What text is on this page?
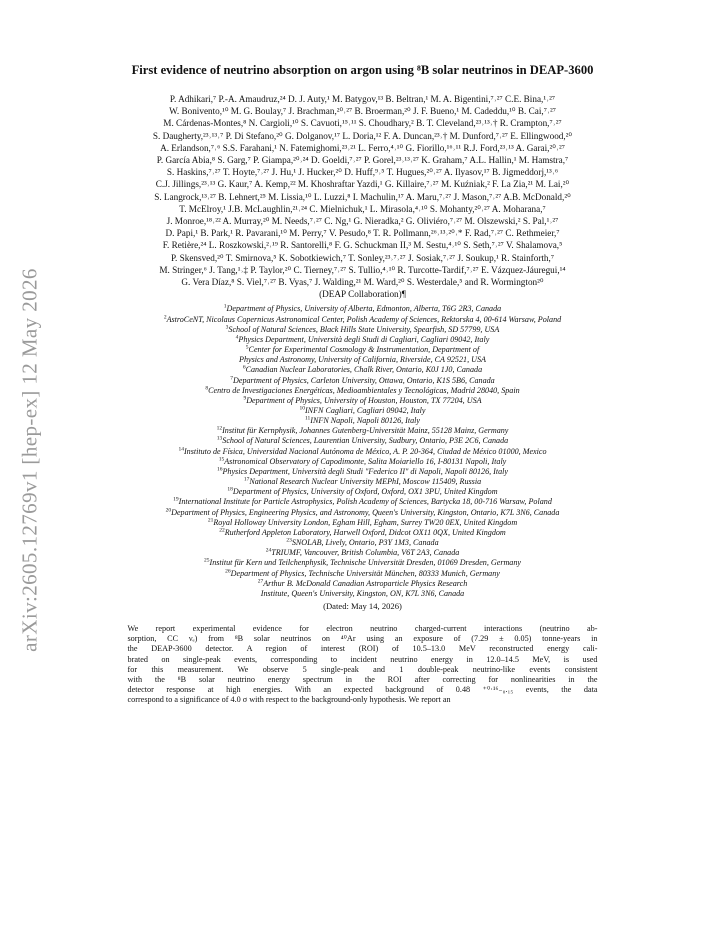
arXiv:2605.12769v1 [hep-ex] 12 May 2026
First evidence of neutrino absorption on argon using ⁸B solar neutrinos in DEAP-3600
P. Adhikari,⁷ P.-A. Amaudruz,²⁴ D. J. Auty,¹ M. Batygov,¹³ B. Beltran,¹ M. A. Bigentini,⁷˒²⁷ C.E. Bina,¹˒²⁷
W. Bonivento,¹⁰ M. G. Boulay,⁷ J. Brachman,²⁰˒²⁷ B. Broerman,²⁰ J. F. Bueno,¹ M. Cadeddu,¹⁰ B. Cai,⁷˒²⁷
M. Cárdenas-Montes,⁸ N. Cargioli,¹⁰ S. Cavuoti,¹⁵˒¹¹ S. Choudhary,² B. T. Cleveland,²³˒¹³˒† R. Crampton,⁷˒²⁷
S. Daugherty,²³˒¹³˒⁷ P. Di Stefano,²⁰ G. Dolganov,¹⁷ L. Doria,¹² F. A. Duncan,²³˒† M. Dunford,⁷˒²⁷ E. Ellingwood,²⁰
A. Erlandson,⁷˒⁶ S.S. Farahani,¹ N. Fatemighomi,²³˒²¹ L. Ferro,⁴˒¹⁰ G. Fiorillo,¹⁶˒¹¹ R.J. Ford,²³˒¹³ A. Garai,²⁰˒²⁷
P. García Abia,⁸ S. Garg,⁷ P. Giampa,²⁰˒²⁴ D. Goeldi,⁷˒²⁷ P. Gorel,²³˒¹³˒²⁷ K. Graham,⁷ A.L. Hallin,¹ M. Hamstra,⁷
S. Haskins,⁷˒²⁷ T. Hoyte,⁷˒²⁷ J. Hu,¹ J. Hucker,²⁰ D. Huff,⁹˒⁵ T. Hugues,²⁰˒²⁷ A. Ilyasov,¹⁷ B. Jigmeddorj,¹³˒⁶
C.J. Jillings,²³˒¹³ G. Kaur,⁷ A. Kemp,²² M. Khoshraftar Yazdi,¹ G. Killaire,⁷˒²⁷ M. Kuźniak,² F. La Zia,²¹ M. Lai,²⁰
S. Langrock,¹³˒²⁷ B. Lehnert,²⁵ M. Lissia,¹⁰ L. Luzzi,⁸ I. Machulin,¹⁷ A. Maru,⁷˒²⁷ J. Mason,⁷˒²⁷ A.B. McDonald,²⁰
T. McElroy,¹ J.B. McLaughlin,²¹˒²⁴ C. Mielnichuk,¹ L. Mirasola,⁴˒¹⁰ S. Mohanty,²⁰˒²⁷ A. Moharana,⁷
J. Monroe,¹⁸˒²² A. Murray,²⁰ M. Needs,⁷˒²⁷ C. Ng,¹ G. Nieradka,² G. Oliviéro,⁷˒²⁷ M. Olszewski,² S. Pal,¹˒²⁷
D. Papi,¹ B. Park,¹ R. Pavarani,¹⁰ M. Perry,⁷ V. Pesudo,⁸ T. R. Pollmann,²⁶˒¹³˒²⁰˒* F. Rad,⁷˒²⁷ C. Rethmeier,⁷
F. Retière,²⁴ L. Roszkowski,²˒¹⁹ R. Santorelli,⁸ F. G. Schuckman II,³ M. Sestu,⁴˒¹⁰ S. Seth,⁷˒²⁷ V. Shalamova,⁵
P. Skensved,²⁰ T. Smirnova,⁵ K. Sobotkiewich,⁷ T. Sonley,²³˒⁷˒²⁷ J. Sosiak,⁷˒²⁷ J. Soukup,¹ R. Stainforth,⁷
M. Stringer,⁶ J. Tang,¹˒‡ P. Taylor,²⁰ C. Tierney,⁷˒²⁷ S. Tullio,⁴˒¹⁰ R. Turcotte-Tardif,⁷˒²⁷ E. Vázquez-Jáuregui,¹⁴
G. Vera Díaz,⁸ S. Viel,⁷˒²⁷ B. Vyas,⁷ J. Walding,²¹ M. Ward,²⁰ S. Westerdale,⁵ and R. Wormington²⁰
(DEAP Collaboration)¶
$^1$Department of Physics, University of Alberta, Edmonton, Alberta, T6G 2R3, Canada
$^2$AstroCeNT, Nicolaus Copernicus Astronomical Center, Polish Academy of Sciences, Rektorska 4, 00-614 Warsaw, Poland
$^3$School of Natural Sciences, Black Hills State University, Spearfish, SD 57799, USA
$^4$Physics Department, Università degli Studi di Cagliari, Cagliari 09042, Italy
$^5$Center for Experimental Cosmology & Instrumentation, Department of
Physics and Astronomy, University of California, Riverside, CA 92521, USA
$^6$Canadian Nuclear Laboratories, Chalk River, Ontario, K0J 1J0, Canada
$^7$Department of Physics, Carleton University, Ottawa, Ontario, K1S 5B6, Canada
$^8$Centro de Investigaciones Energéticas, Medioambientales y Tecnológicas, Madrid 28040, Spain
$^9$Department of Physics, University of Houston, Houston, TX 77204, USA
$^{10}$INFN Cagliari, Cagliari 09042, Italy
$^{11}$INFN Napoli, Napoli 80126, Italy
$^{12}$Institut für Kernphysik, Johannes Gutenberg-Universität Mainz, 55128 Mainz, Germany
$^{13}$School of Natural Sciences, Laurentian University, Sudbury, Ontario, P3E 2C6, Canada
$^{14}$Instituto de Física, Universidad Nacional Autónoma de México, A. P. 20-364, Ciudad de México 01000, Mexico
$^{15}$Astronomical Observatory of Capodimonte, Salita Moiariello 16, I-80131 Napoli, Italy
$^{16}$Physics Department, Università degli Studi "Federico II" di Napoli, Napoli 80126, Italy
$^{17}$National Research Nuclear University MEPhI, Moscow 115409, Russia
$^{18}$Department of Physics, University of Oxford, Oxford, OX1 3PU, United Kingdom
$^{19}$International Institute for Particle Astrophysics, Polish Academy of Sciences, Bartycka 18, 00-716 Warsaw, Poland
$^{20}$Department of Physics, Engineering Physics, and Astronomy, Queen's University, Kingston, Ontario, K7L 3N6, Canada
$^{21}$Royal Holloway University London, Egham Hill, Egham, Surrey TW20 0EX, United Kingdom
$^{22}$Rutherford Appleton Laboratory, Harwell Oxford, Didcot OX11 0QX, United Kingdom
$^{23}$SNOLAB, Lively, Ontario, P3Y 1M3, Canada
$^{24}$TRIUMF, Vancouver, British Columbia, V6T 2A3, Canada
$^{25}$Institut für Kern und Teilchenphysik, Technische Universität Dresden, 01069 Dresden, Germany
$^{26}$Department of Physics, Technische Universität München, 80333 Munich, Germany
$^{27}$Arthur B. McDonald Canadian Astroparticle Physics Research
Institute, Queen's University, Kingston, ON, K7L 3N6, Canada
(Dated: May 14, 2026)
We report experimental evidence for electron neutrino charged-current interactions (neutrino ab-
sorption, CC νₑ) from ⁸B solar neutrinos on ⁴⁰Ar using an exposure of (7.29 ± 0.05) tonne-years in
the DEAP-3600 detector. A region of interest (ROI) of 10.5–13.0 MeV reconstructed energy cali-
brated on single-peak events, corresponding to incident neutrino energy in 12.0–14.5 MeV, is used
for this measurement. We observe 5 single-peak and 1 double-peak neutrino-like events consistent
with the ⁸B solar neutrino energy spectrum in the ROI after correcting for nonlinearities in the
detector response at high energies. With an expected background of 0.48 ⁺⁰·¹⁶₋₀.₁₅ events, the data
correspond to a significance of 4.0 σ with respect to the background-only hypothesis. We report an
